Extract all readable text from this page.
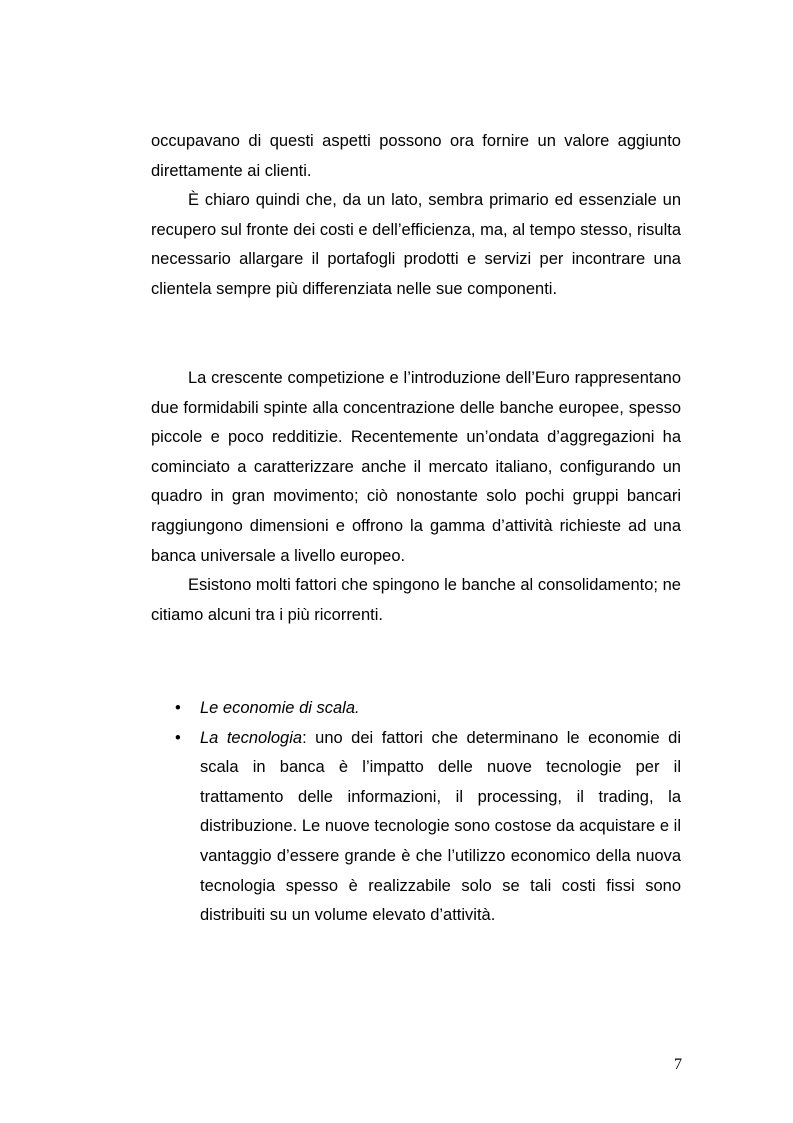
occupavano di questi aspetti possono ora fornire un valore aggiunto direttamente ai clienti.

È chiaro quindi che, da un lato, sembra primario ed essenziale un recupero sul fronte dei costi e dell’efficienza, ma, al tempo stesso, risulta necessario allargare il portafogli prodotti e servizi per incontrare una clientela sempre più differenziata nelle sue componenti.

La crescente competizione e l’introduzione dell’Euro rappresentano due formidabili spinte alla concentrazione delle banche europee, spesso piccole e poco redditizie. Recentemente un’ondata d’aggregazioni ha cominciato a caratterizzare anche il mercato italiano, configurando un quadro in gran movimento; ciò nonostante solo pochi gruppi bancari raggiungono dimensioni e offrono la gamma d’attività richieste ad una banca universale a livello europeo.

Esistono molti fattori che spingono le banche al consolidamento; ne citiamo alcuni tra i più ricorrenti.

• Le economie di scala.
• La tecnologia: uno dei fattori che determinano le economie di scala in banca è l’impatto delle nuove tecnologie per il trattamento delle informazioni, il processing, il trading, la distribuzione. Le nuove tecnologie sono costose da acquistare e il vantaggio d’essere grande è che l’utilizzo economico della nuova tecnologia spesso è realizzabile solo se tali costi fissi sono distribuiti su un volume elevato d’attività.
7
